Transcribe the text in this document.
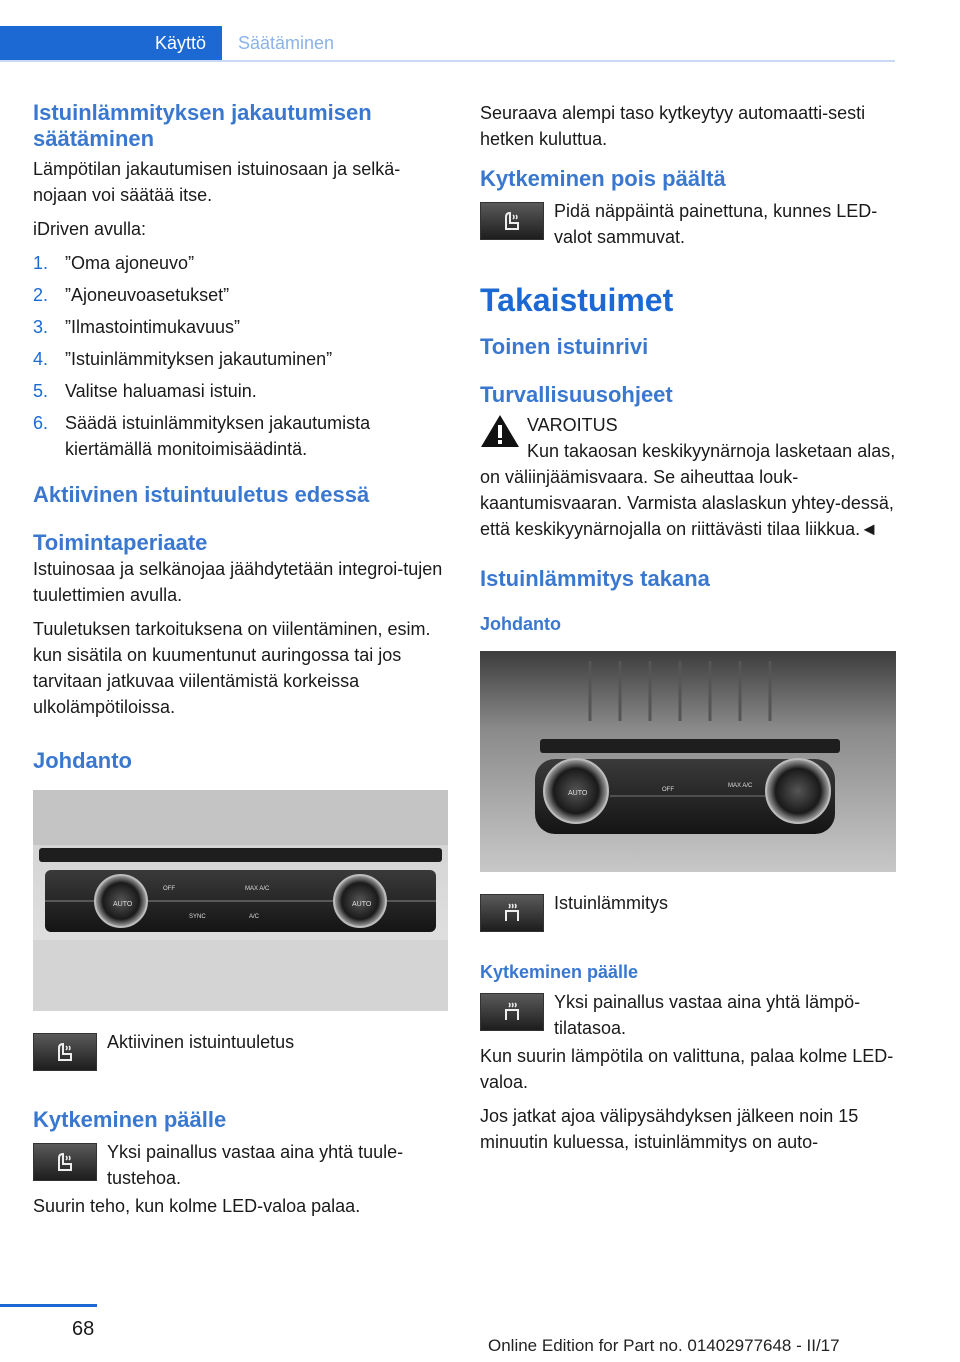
Käyttö Säätäminen
Istuinlämmityksen jakautumisen säätäminen

Lämpötilan jakautumisen istuinosaan ja selkä-nojaan voi säätää itse.

iDriven avulla:

1. ”Oma ajoneuvo”
2. ”Ajoneuvoasetukset”
3. ”Ilmastointimukavuus”
4. ”Istuinlämmityksen jakautuminen”
5. Valitse haluamasi istuin.
6. Säädä istuinlämmityksen jakautumista kiertämällä monitoimisäädintä.
Aktiivinen istuintuuletus edessä
Toimintaperiaate

Istuinosaa ja selkänojaa jäähdytetään integroi-tujen tuulettimien avulla.

Tuuletuksen tarkoituksena on viilentäminen, esim. kun sisätila on kuumentunut auringossa tai jos tarvitaan jatkuvaa viilentämistä korkeissa ulkolämpötiloissa.

Johdanto
AUTO
OFF	MAX A/C
AUTO
SYNC	A/C
Aktiivinen istuintuuletus
Kytkeminen päälle
Yksi painallus vastaa aina yhtä tuule-tustehoa.

Suurin teho, kun kolme LED-valoa palaa.

Seuraava alempi taso kytkeytyy automaatti-sesti hetken kuluttua.

Kytkeminen pois päältä
Pidä näppäintä painettuna, kunnes LED-valot sammuvat.
Takaistuimet
Toinen istuinrivi
Turvallisuusohjeet

VAROITUS

Kun takaosan keskikyynärnoja lasketaan alas, on väliinjäämisvaara. Se aiheuttaa louk-kaantumisvaaran. Varmista alaslaskun yhtey-dessä, että keskikyynärnojalla on riittävästi tilaa liikkua.◄

Istuinlämmitys takana
Johdanto
AUTO	OFF
MAX A/C
Istuinlämmitys
Kytkeminen päälle
Yksi painallus vastaa aina yhtä lämpö-tilatasoa.

Kun suurin lämpötila on valittuna, palaa kolme LED-valoa.

Jos jatkat ajoa välipysähdyksen jälkeen noin 15 minuutin kuluessa, istuinlämmitys on auto-

68
Online Edition for Part no. 01402977648 - II/17
